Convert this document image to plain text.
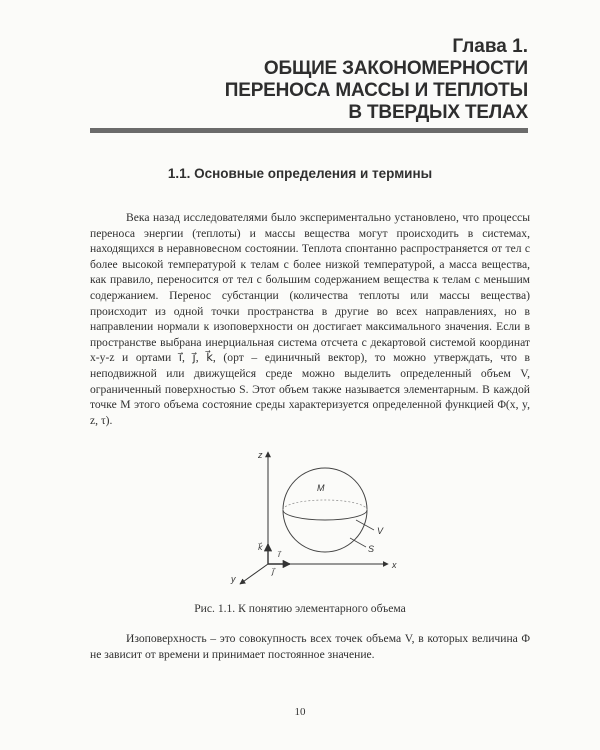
Глава 1.
ОБЩИЕ ЗАКОНОМЕРНОСТИ
ПЕРЕНОСА МАССЫ И ТЕПЛОТЫ
В ТВЕРДЫХ ТЕЛАХ
1.1. Основные определения и термины

Века назад исследователями было экспериментально установлено, что процессы переноса энергии (теплоты) и массы вещества могут происходить в системах, находящихся в неравновесном состоянии. Теплота спонтанно распространяется от тел с более высокой температурой к телам с более низкой температурой, а масса вещества, как правило, переносится от тел с большим содержанием вещества к телам с меньшим содержанием. Перенос субстанции (количества теплоты или массы вещества) происходит из одной точки пространства в другие во всех направлениях, но в направлении нормали к изоповерхности он достигает максимального значения. Если в пространстве выбрана инерциальная система отсчета с декартовой системой координат x-y-z и ортами i⃗, j⃗, k⃗, (орт – единичный вектор), то можно утверждать, что в неподвижной или движущейся среде можно выделить определенный объем V, ограниченный поверхностью S. Этот объем также называется элементарным. В каждой точке M этого объема состояние среды характеризуется определенной функцией Φ(x, y, z, τ).

z
x
y
M
V
S
k⃗
i⃗
j⃗
Рис. 1.1. К понятию элементарного объема

Изоповерхность – это совокупность всех точек объема V, в которых величина Φ не зависит от времени и принимает постоянное значение.

10
